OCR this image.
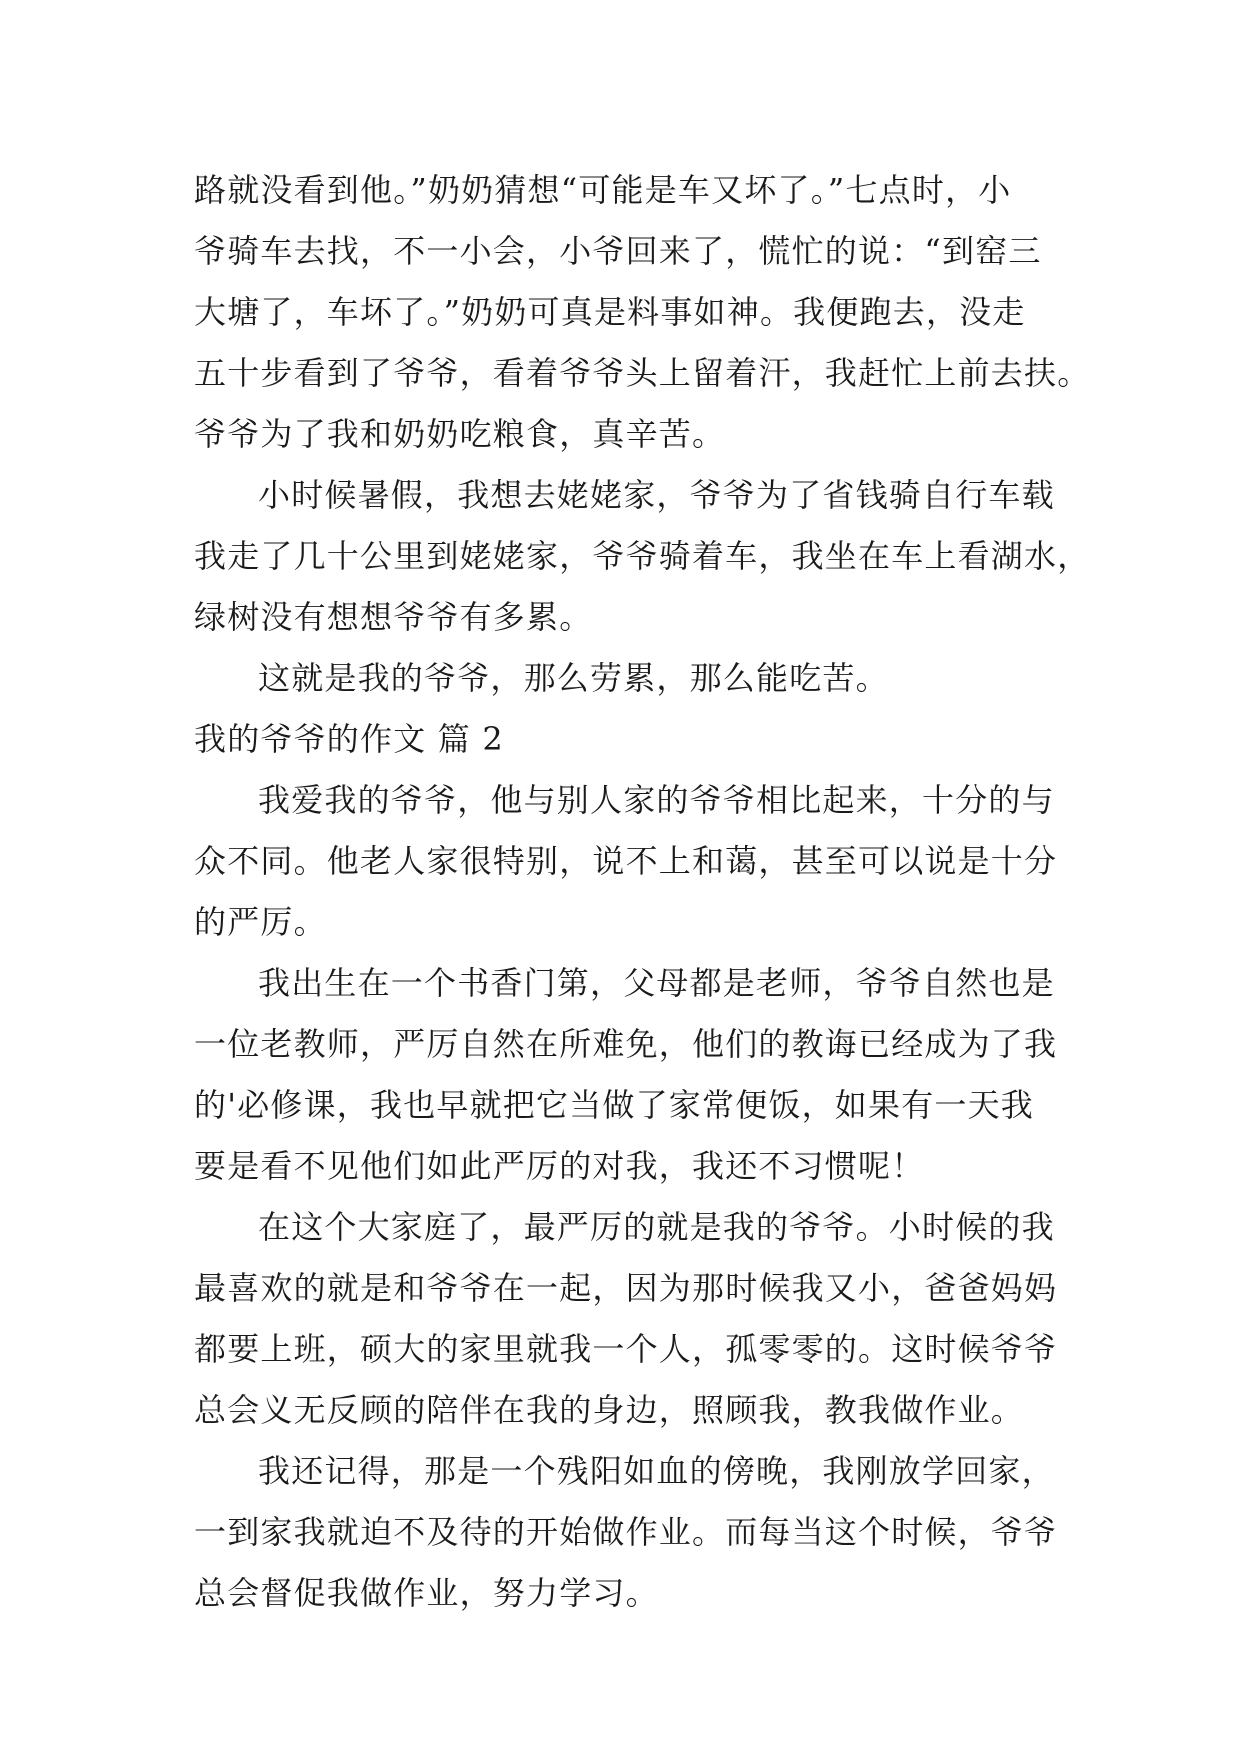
路就没看到他。”奶奶猜想“可能是车又坏了。”七点时，小
爷骑车去找，不一小会，小爷回来了，慌忙的说：“到窑三
大塘了，车坏了。”奶奶可真是料事如神。我便跑去，没走
五十步看到了爷爷，看着爷爷头上留着汗，我赶忙上前去扶。
爷爷为了我和奶奶吃粮食，真辛苦。
小时候暑假，我想去姥姥家，爷爷为了省钱骑自行车载
我走了几十公里到姥姥家，爷爷骑着车，我坐在车上看湖水，
绿树没有想想爷爷有多累。
这就是我的爷爷，那么劳累，那么能吃苦。
我的爷爷的作文 篇 2
我爱我的爷爷，他与别人家的爷爷相比起来，十分的与
众不同。他老人家很特别，说不上和蔼，甚至可以说是十分
的严厉。
我出生在一个书香门第，父母都是老师，爷爷自然也是
一位老教师，严厉自然在所难免，他们的教诲已经成为了我
的'必修课，我也早就把它当做了家常便饭，如果有一天我
要是看不见他们如此严厉的对我，我还不习惯呢！
在这个大家庭了，最严厉的就是我的爷爷。小时候的我
最喜欢的就是和爷爷在一起，因为那时候我又小，爸爸妈妈
都要上班，硕大的家里就我一个人，孤零零的。这时候爷爷
总会义无反顾的陪伴在我的身边，照顾我，教我做作业。
我还记得，那是一个残阳如血的傍晚，我刚放学回家，
一到家我就迫不及待的开始做作业。而每当这个时候，爷爷
总会督促我做作业，努力学习。
